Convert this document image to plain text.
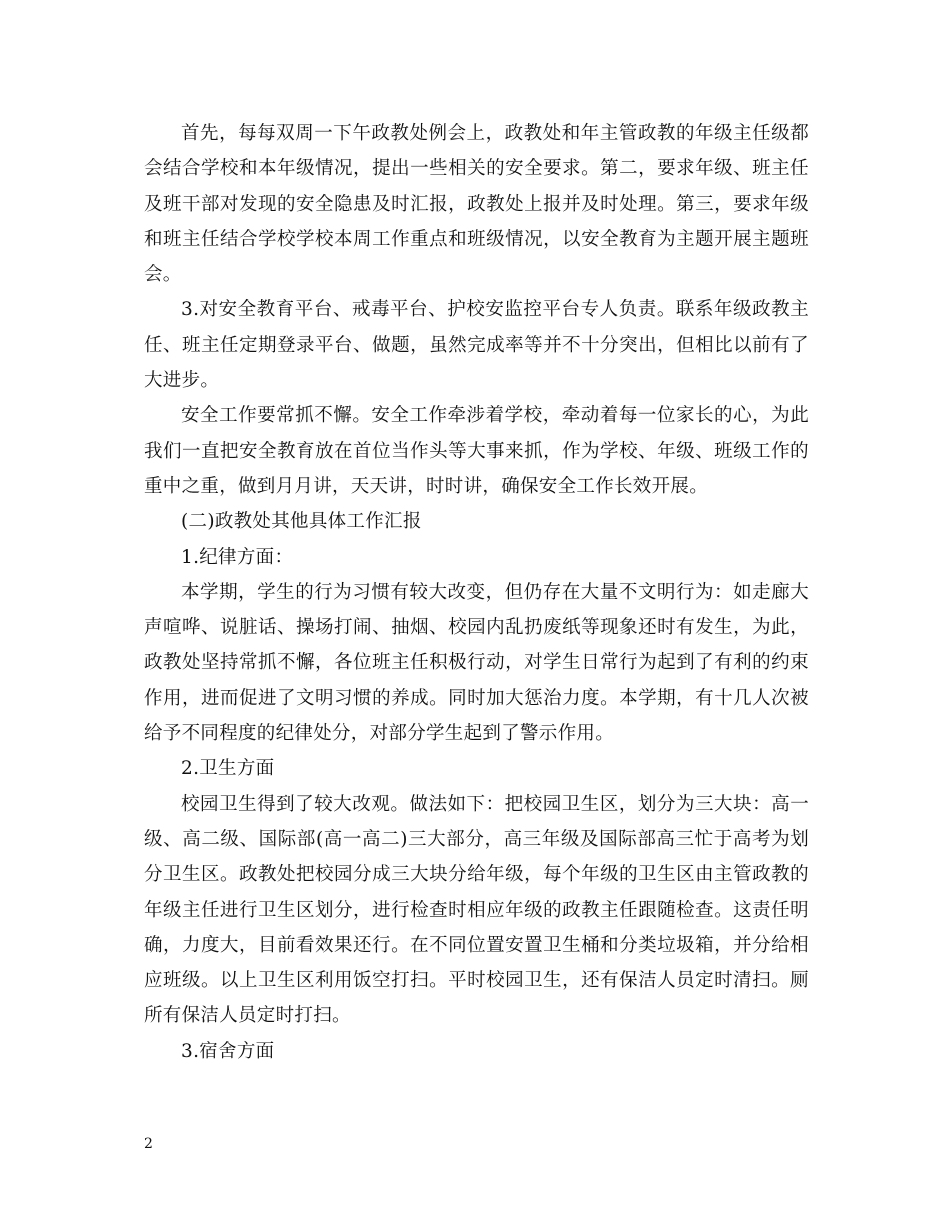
首先，每每双周一下午政教处例会上，政教处和年主管政教的年级主任级都会结合学校和本年级情况，提出一些相关的安全要求。第二，要求年级、班主任及班干部对发现的安全隐患及时汇报，政教处上报并及时处理。第三，要求年级和班主任结合学校学校本周工作重点和班级情况，以安全教育为主题开展主题班会。

3.对安全教育平台、戒毒平台、护校安监控平台专人负责。联系年级政教主任、班主任定期登录平台、做题，虽然完成率等并不十分突出，但相比以前有了大进步。

安全工作要常抓不懈。安全工作牵涉着学校，牵动着每一位家长的心，为此我们一直把安全教育放在首位当作头等大事来抓，作为学校、年级、班级工作的重中之重，做到月月讲，天天讲，时时讲，确保安全工作长效开展。

(二)政教处其他具体工作汇报

1.纪律方面：

本学期，学生的行为习惯有较大改变，但仍存在大量不文明行为：如走廊大声喧哗、说脏话、操场打闹、抽烟、校园内乱扔废纸等现象还时有发生，为此，政教处坚持常抓不懈，各位班主任积极行动，对学生日常行为起到了有利的约束作用，进而促进了文明习惯的养成。同时加大惩治力度。本学期，有十几人次被给予不同程度的纪律处分，对部分学生起到了警示作用。

2.卫生方面

校园卫生得到了较大改观。做法如下：把校园卫生区，划分为三大块：高一级、高二级、国际部(高一高二)三大部分，高三年级及国际部高三忙于高考为划分卫生区。政教处把校园分成三大块分给年级，每个年级的卫生区由主管政教的年级主任进行卫生区划分，进行检查时相应年级的政教主任跟随检查。这责任明确，力度大，目前看效果还行。在不同位置安置卫生桶和分类垃圾箱，并分给相应班级。以上卫生区利用饭空打扫。平时校园卫生，还有保洁人员定时清扫。厕所有保洁人员定时打扫。

3.宿舍方面

2
